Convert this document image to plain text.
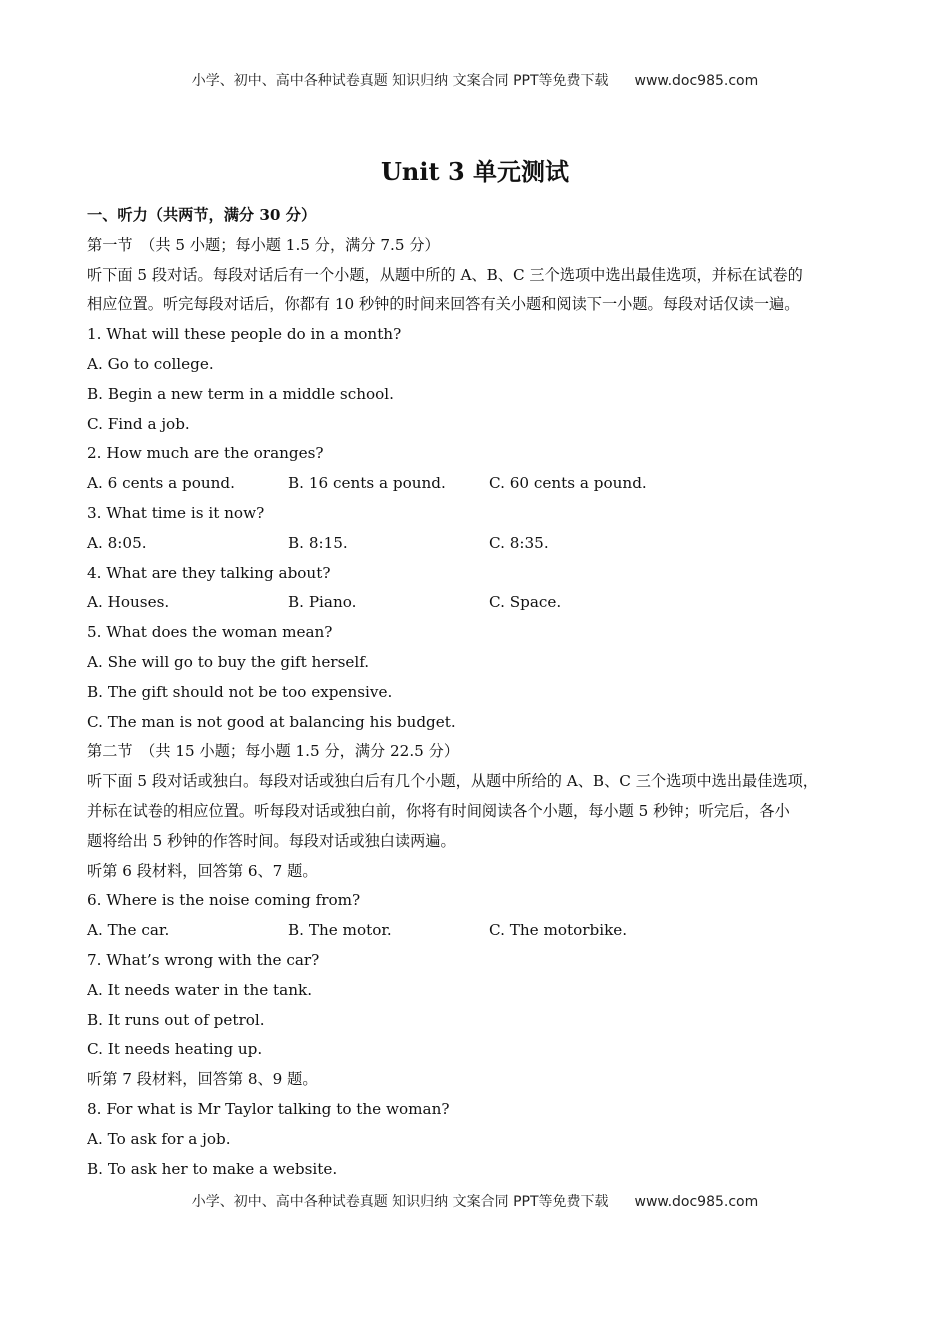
小学、初中、高中各种试卷真题 知识归纳 文案合同 PPT等免费下载 www.doc985.com
Unit 3 单元测试
一、听力（共两节，满分 30 分）
第一节　（共 5 小题；每小题 1.5 分，满分 7.5 分）
听下面 5 段对话。每段对话后有一个小题，从题中所的 A、B、C 三个选项中选出最佳选项，并标在试卷的
相应位置。听完每段对话后，你都有 10 秒钟的时间来回答有关小题和阅读下一小题。每段对话仅读一遍。
1. What will these people do in a month?
A. Go to college.
B. Begin a new term in a middle school.
C. Find a job.
2. How much are the oranges?
A. 6 cents a pound.	B. 16 cents a pound.	C. 60 cents a pound.
3. What time is it now?
A. 8:05.	B. 8:15.	C. 8:35.
4. What are they talking about?
A. Houses.	B. Piano.	C. Space.
5. What does the woman mean?
A. She will go to buy the gift herself.
B. The gift should not be too expensive.
C. The man is not good at balancing his budget.
第二节　（共 15 小题；每小题 1.5 分，满分 22.5 分）
听下面 5 段对话或独白。每段对话或独白后有几个小题，从题中所给的 A、B、C 三个选项中选出最佳选项，
并标在试卷的相应位置。听每段对话或独白前，你将有时间阅读各个小题，每小题 5 秒钟；听完后，各小
题将给出 5 秒钟的作答时间。每段对话或独白读两遍。
听第 6 段材料，回答第 6、7 题。
6. Where is the noise coming from?
A. The car.	B. The motor.	C. The motorbike.
7. What’s wrong with the car?
A. It needs water in the tank.
B. It runs out of petrol.
C. It needs heating up.
听第 7 段材料，回答第 8、9 题。
8. For what is Mr Taylor talking to the woman?
A. To ask for a job.
B. To ask her to make a website.
小学、初中、高中各种试卷真题 知识归纳 文案合同 PPT等免费下载 www.doc985.com
